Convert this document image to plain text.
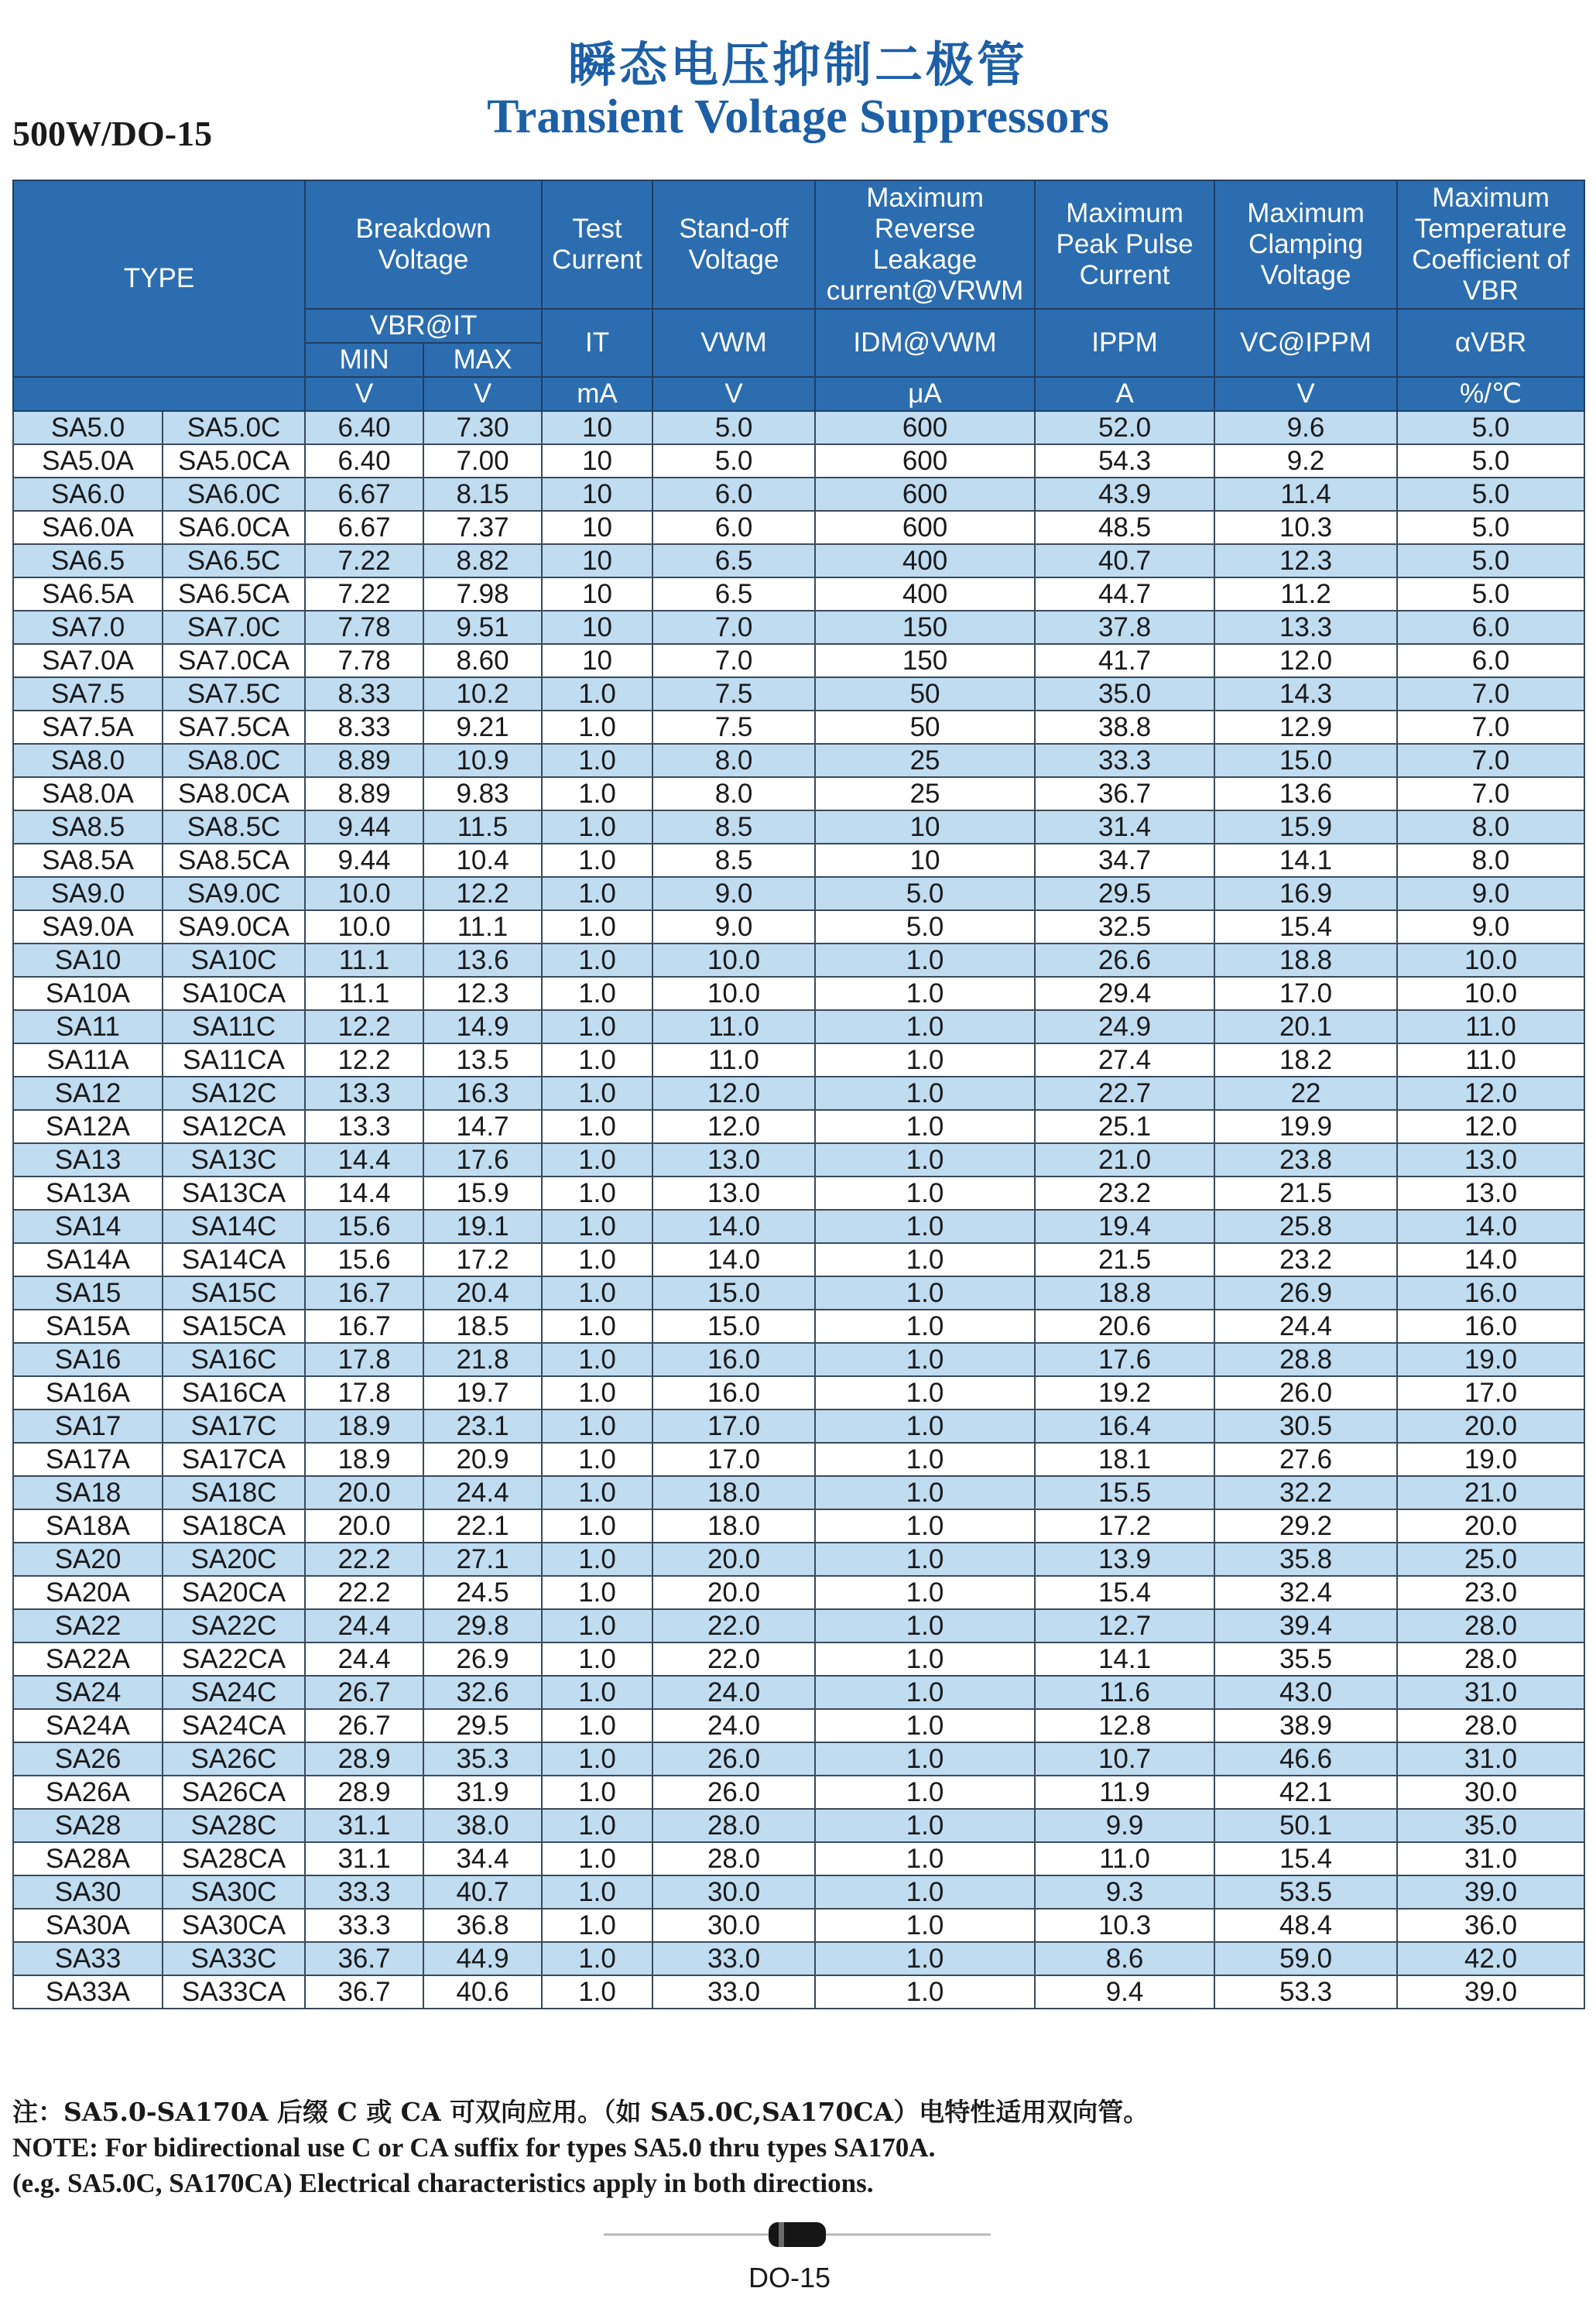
瞬态电压抑制二极管
Transient Voltage Suppressors
500W/DO-15
TYPE		Breakdown Voltage		Test Current	Stand-off Voltage	Maximum Reverse Leakage current@VRWM	Maximum Peak Pulse Current	Maximum Clamping Voltage	Maximum Temperature Coefficient of VBR
		VBR@IT		IT	VWM	IDM@VWM	IPPM	VC@IPPM	αVBR
		MIN	MAX						
		V	V	mA	V	μA	A	V	%/℃
SA5.0	SA5.0C	6.40	7.30	10	5.0	600	52.0	9.6	5.0
SA5.0A	SA5.0CA	6.40	7.00	10	5.0	600	54.3	9.2	5.0
SA6.0	SA6.0C	6.67	8.15	10	6.0	600	43.9	11.4	5.0
SA6.0A	SA6.0CA	6.67	7.37	10	6.0	600	48.5	10.3	5.0
SA6.5	SA6.5C	7.22	8.82	10	6.5	400	40.7	12.3	5.0
SA6.5A	SA6.5CA	7.22	7.98	10	6.5	400	44.7	11.2	5.0
SA7.0	SA7.0C	7.78	9.51	10	7.0	150	37.8	13.3	6.0
SA7.0A	SA7.0CA	7.78	8.60	10	7.0	150	41.7	12.0	6.0
SA7.5	SA7.5C	8.33	10.2	1.0	7.5	50	35.0	14.3	7.0
SA7.5A	SA7.5CA	8.33	9.21	1.0	7.5	50	38.8	12.9	7.0
SA8.0	SA8.0C	8.89	10.9	1.0	8.0	25	33.3	15.0	7.0
SA8.0A	SA8.0CA	8.89	9.83	1.0	8.0	25	36.7	13.6	7.0
SA8.5	SA8.5C	9.44	11.5	1.0	8.5	10	31.4	15.9	8.0
SA8.5A	SA8.5CA	9.44	10.4	1.0	8.5	10	34.7	14.1	8.0
SA9.0	SA9.0C	10.0	12.2	1.0	9.0	5.0	29.5	16.9	9.0
SA9.0A	SA9.0CA	10.0	11.1	1.0	9.0	5.0	32.5	15.4	9.0
SA10	SA10C	11.1	13.6	1.0	10.0	1.0	26.6	18.8	10.0
SA10A	SA10CA	11.1	12.3	1.0	10.0	1.0	29.4	17.0	10.0
SA11	SA11C	12.2	14.9	1.0	11.0	1.0	24.9	20.1	11.0
SA11A	SA11CA	12.2	13.5	1.0	11.0	1.0	27.4	18.2	11.0
SA12	SA12C	13.3	16.3	1.0	12.0	1.0	22.7	22	12.0
SA12A	SA12CA	13.3	14.7	1.0	12.0	1.0	25.1	19.9	12.0
SA13	SA13C	14.4	17.6	1.0	13.0	1.0	21.0	23.8	13.0
SA13A	SA13CA	14.4	15.9	1.0	13.0	1.0	23.2	21.5	13.0
SA14	SA14C	15.6	19.1	1.0	14.0	1.0	19.4	25.8	14.0
SA14A	SA14CA	15.6	17.2	1.0	14.0	1.0	21.5	23.2	14.0
SA15	SA15C	16.7	20.4	1.0	15.0	1.0	18.8	26.9	16.0
SA15A	SA15CA	16.7	18.5	1.0	15.0	1.0	20.6	24.4	16.0
SA16	SA16C	17.8	21.8	1.0	16.0	1.0	17.6	28.8	19.0
SA16A	SA16CA	17.8	19.7	1.0	16.0	1.0	19.2	26.0	17.0
SA17	SA17C	18.9	23.1	1.0	17.0	1.0	16.4	30.5	20.0
SA17A	SA17CA	18.9	20.9	1.0	17.0	1.0	18.1	27.6	19.0
SA18	SA18C	20.0	24.4	1.0	18.0	1.0	15.5	32.2	21.0
SA18A	SA18CA	20.0	22.1	1.0	18.0	1.0	17.2	29.2	20.0
SA20	SA20C	22.2	27.1	1.0	20.0	1.0	13.9	35.8	25.0
SA20A	SA20CA	22.2	24.5	1.0	20.0	1.0	15.4	32.4	23.0
SA22	SA22C	24.4	29.8	1.0	22.0	1.0	12.7	39.4	28.0
SA22A	SA22CA	24.4	26.9	1.0	22.0	1.0	14.1	35.5	28.0
SA24	SA24C	26.7	32.6	1.0	24.0	1.0	11.6	43.0	31.0
SA24A	SA24CA	26.7	29.5	1.0	24.0	1.0	12.8	38.9	28.0
SA26	SA26C	28.9	35.3	1.0	26.0	1.0	10.7	46.6	31.0
SA26A	SA26CA	28.9	31.9	1.0	26.0	1.0	11.9	42.1	30.0
SA28	SA28C	31.1	38.0	1.0	28.0	1.0	9.9	50.1	35.0
SA28A	SA28CA	31.1	34.4	1.0	28.0	1.0	11.0	15.4	31.0
SA30	SA30C	33.3	40.7	1.0	30.0	1.0	9.3	53.5	39.0
SA30A	SA30CA	33.3	36.8	1.0	30.0	1.0	10.3	48.4	36.0
SA33	SA33C	36.7	44.9	1.0	33.0	1.0	8.6	59.0	42.0
SA33A	SA33CA	36.7	40.6	1.0	33.0	1.0	9.4	53.3	39.0
注：SA5.0-SA170A 后缀 C 或 CA 可双向应用。（如 SA5.0C,SA170CA）电特性适用双向管。
NOTE: For bidirectional use C or CA suffix for types SA5.0 thru types SA170A.
(e.g. SA5.0C, SA170CA) Electrical characteristics apply in both directions.
DO-15
